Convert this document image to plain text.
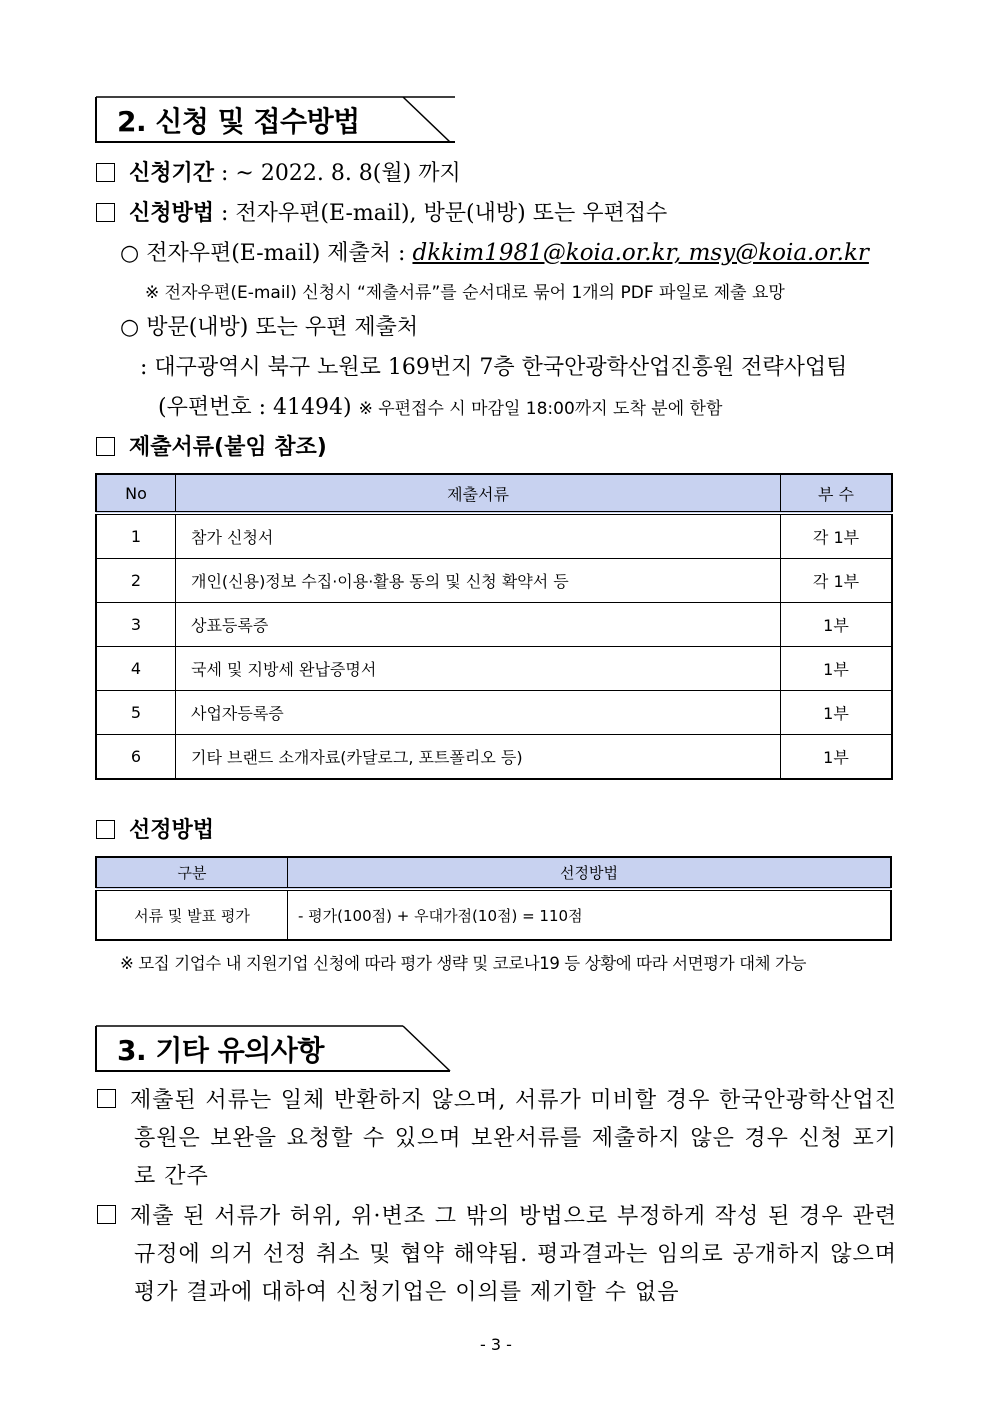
2. 신청 및 접수방법
신청기간 : ~ 2022. 8. 8(월) 까지
신청방법 : 전자우편(E-mail), 방문(내방) 또는 우편접수
○ 전자우편(E-mail) 제출처 : dkkim1981@koia.or.kr, msy@koia.or.kr
※ 전자우편(E-mail) 신청시 “제출서류”를 순서대로 묶어 1개의 PDF 파일로 제출 요망
○ 방문(내방) 또는 우편 제출처
: 대구광역시 북구 노원로 169번지 7층 한국안광학산업진흥원 전략사업팀
(우편번호 : 41494) ※ 우편접수 시 마감일 18:00까지 도착 분에 한함
제출서류(붙임 참조)
No	제출서류	부 수
1	참가 신청서	각 1부
2	개인(신용)정보 수집·이용·활용 동의 및 신청 확약서 등	각 1부
3	상표등록증	1부
4	국세 및 지방세 완납증명서	1부
5	사업자등록증	1부
6	기타 브랜드 소개자료(카달로그, 포트폴리오 등)	1부
선정방법
구분	선정방법
서류 및 발표 평가	- 평가(100점) + 우대가점(10점) = 110점
※ 모집 기업수 내 지원기업 신청에 따라 평가 생략 및 코로나19 등 상황에 따라 서면평가 대체 가능
3. 기타 유의사항
제출된 서류는 일체 반환하지 않으며, 서류가 미비할 경우 한국안광학산업진흥원은 보완을 요청할 수 있으며 보완서류를 제출하지 않은 경우 신청 포기로 간주
제출 된 서류가 허위, 위·변조 그 밖의 방법으로 부정하게 작성 된 경우 관련 규정에 의거 선정 취소 및 협약 해약됨. 평과결과는 임의로 공개하지 않으며 평가 결과에 대하여 신청기업은 이의를 제기할 수 없음
- 3 -
